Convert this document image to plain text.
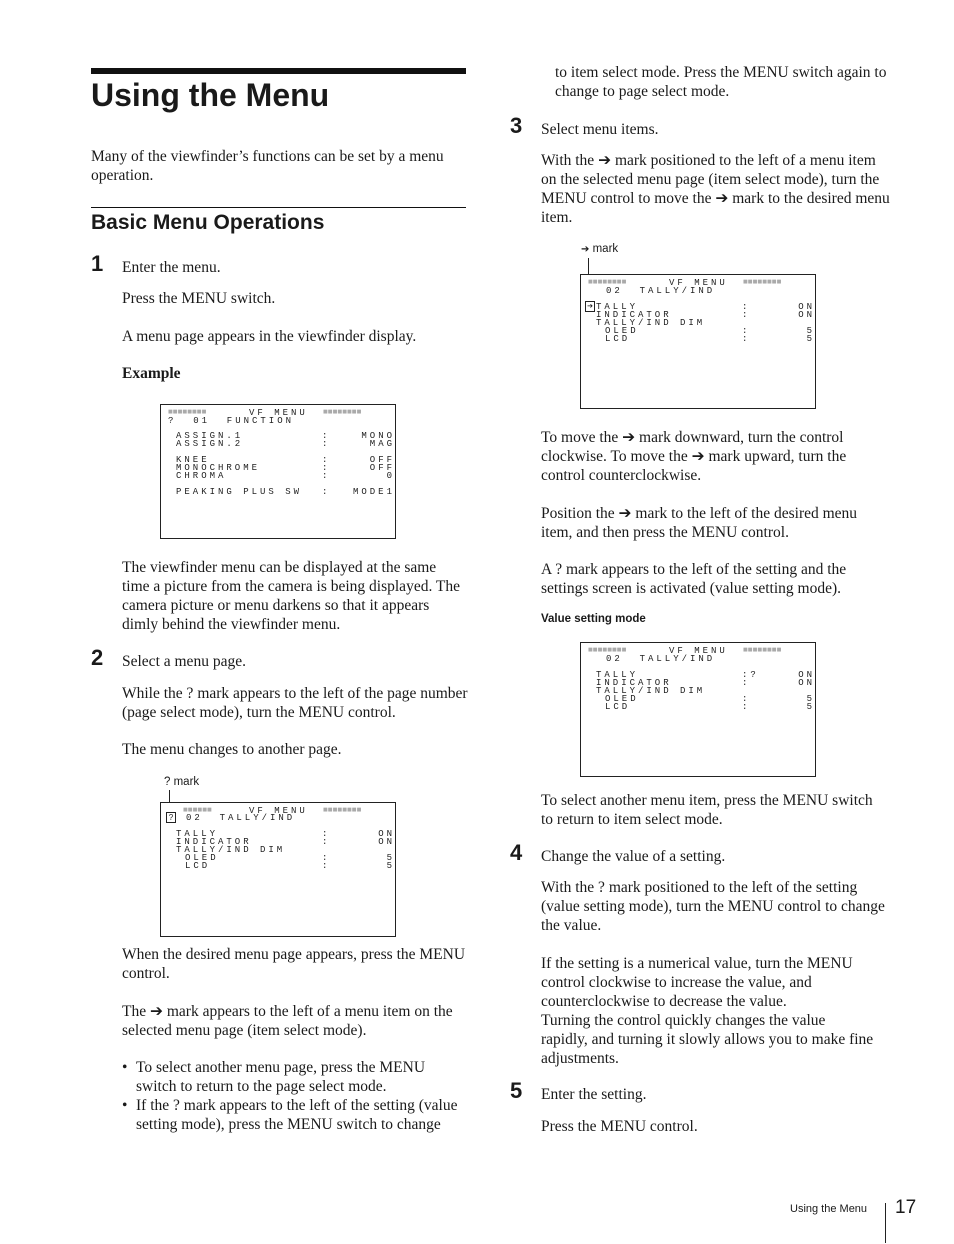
Using the Menu
Many of the viewfinder’s functions can be set by a menu operation.
Basic Menu Operations
1 Enter the menu.
Press the MENU switch.
A menu page appears in the viewfinder display.
Example
■■■■■■■■	VF MENU ■■■■■■■■
?  01  FUNCTION
ASSIGN.1	:	MONO
ASSIGN.2	:	MAG
KNEE	:	OFF
MONOCHROME	:	OFF
CHROMA	:	0
PEAKING PLUS SW :	MODE1
The viewfinder menu can be displayed at the same time a picture from the camera is being displayed. The camera picture or menu darkens so that it appears dimly behind the viewfinder menu.
2 Select a menu page.
While the ? mark appears to the left of the page number (page select mode), turn the MENU control.
The menu changes to another page.
? mark
■■■■■■	VF MENU ■■■■■■■■
?	02  TALLY/IND
TALLY	:	ON
INDICATOR	:	ON
TALLY/IND DIM
OLED	:	5
LCD	:	5
When the desired menu page appears, press the MENU control.
The ➔ mark appears to the left of a menu item on the selected menu page (item select mode).
• To select another menu page, press the MENU switch to return to the page select mode.
• If the ? mark appears to the left of the setting (value setting mode), press the MENU switch to change
to item select mode. Press the MENU switch again to change to page select mode.
3 Select menu items.
With the ➔ mark positioned to the left of a menu item on the selected menu page (item select mode), turn the MENU control to move the ➔ mark to the desired menu item.
➔ mark
■■■■■■■■	VF MENU ■■■■■■■■
02  TALLY/IND
➔ TALLY	:	ON
INDICATOR	:	ON
TALLY/IND DIM
OLED	:	5
LCD	:	5
To move the ➔ mark downward, turn the control clockwise. To move the ➔ mark upward, turn the control counterclockwise.
Position the ➔ mark to the left of the desired menu item, and then press the MENU control.
A ? mark appears to the left of the setting and the settings screen is activated (value setting mode).
Value setting mode
■■■■■■■■	VF MENU ■■■■■■■■
02  TALLY/IND
TALLY	:?	ON
INDICATOR	:	ON
TALLY/IND DIM
OLED	:	5
LCD	:	5
To select another menu item, press the MENU switch to return to item select mode.
4 Change the value of a setting.
With the ? mark positioned to the left of the setting (value setting mode), turn the MENU control to change the value.
If the setting is a numerical value, turn the MENU control clockwise to increase the value, and counterclockwise to decrease the value.
Turning the control quickly changes the value rapidly, and turning it slowly allows you to make fine adjustments.
5 Enter the setting.
Press the MENU control.
Using the Menu 17
